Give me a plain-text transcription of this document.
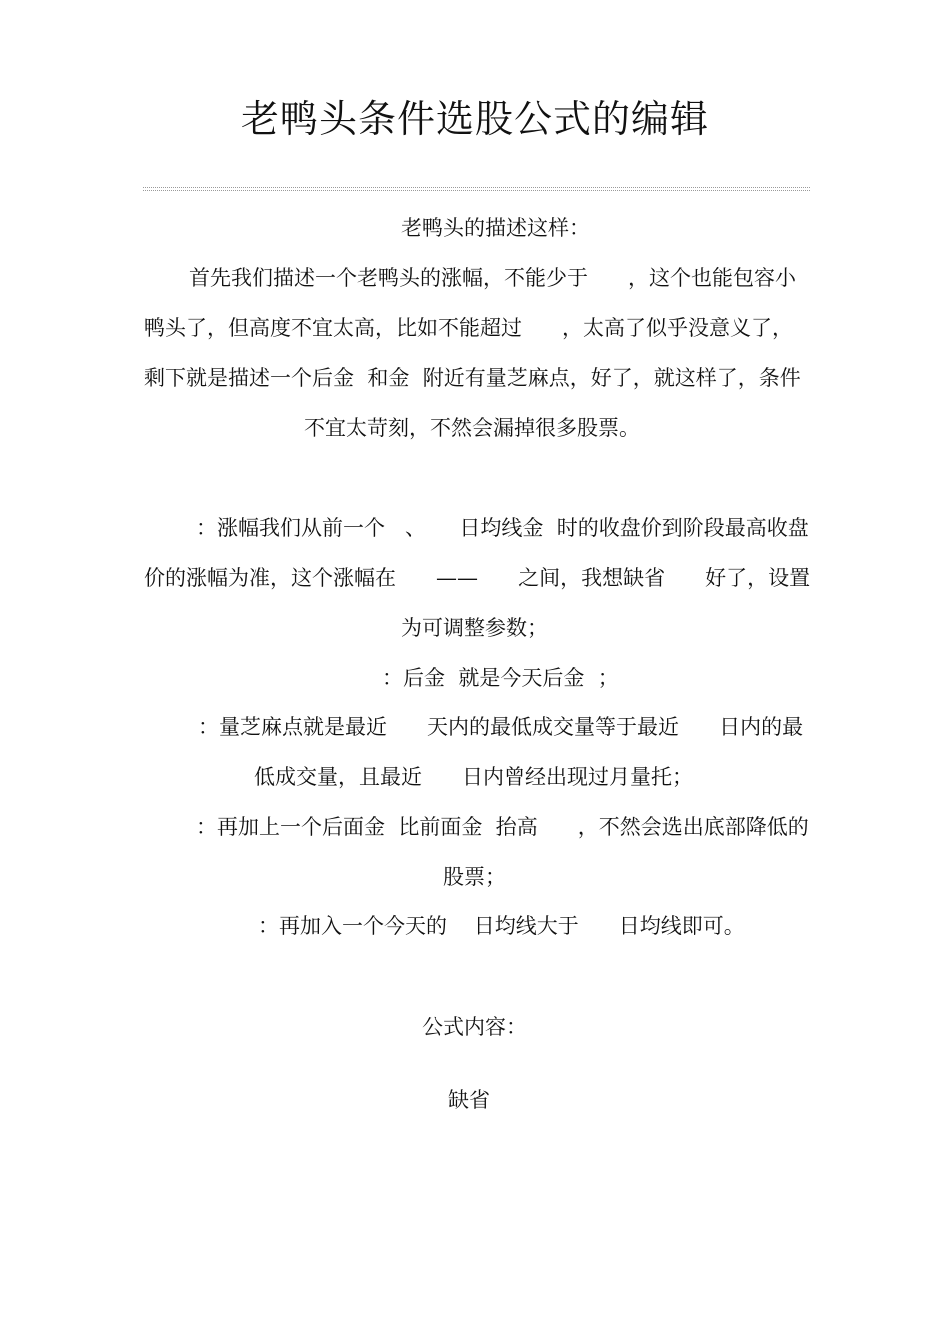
老鸭头条件选股公式的编辑
老鸭头的描述这样：
首先我们描述一个老鸭头的涨幅，不能少于      ，这个也能包容小
鸭头了，但高度不宜太高，比如不能超过      ，太高了似乎没意义了，
剩下就是描述一个后金  和金  附近有量芝麻点，好了，就这样了，条件
不宜太苛刻，不然会漏掉很多股票。
：涨幅我们从前一个   、     日均线金  时的收盘价到阶段最高收盘
价的涨幅为准，这个涨幅在      ——      之间，我想缺省      好了，设置
为可调整参数；
：后金  就是今天后金  ；
：量芝麻点就是最近      天内的最低成交量等于最近      日内的最
低成交量，且最近      日内曾经出现过月量托；
：再加上一个后面金  比前面金  抬高      ，不然会选出底部降低的
股票；
：再加入一个今天的    日均线大于      日均线即可。
公式内容：
缺省
